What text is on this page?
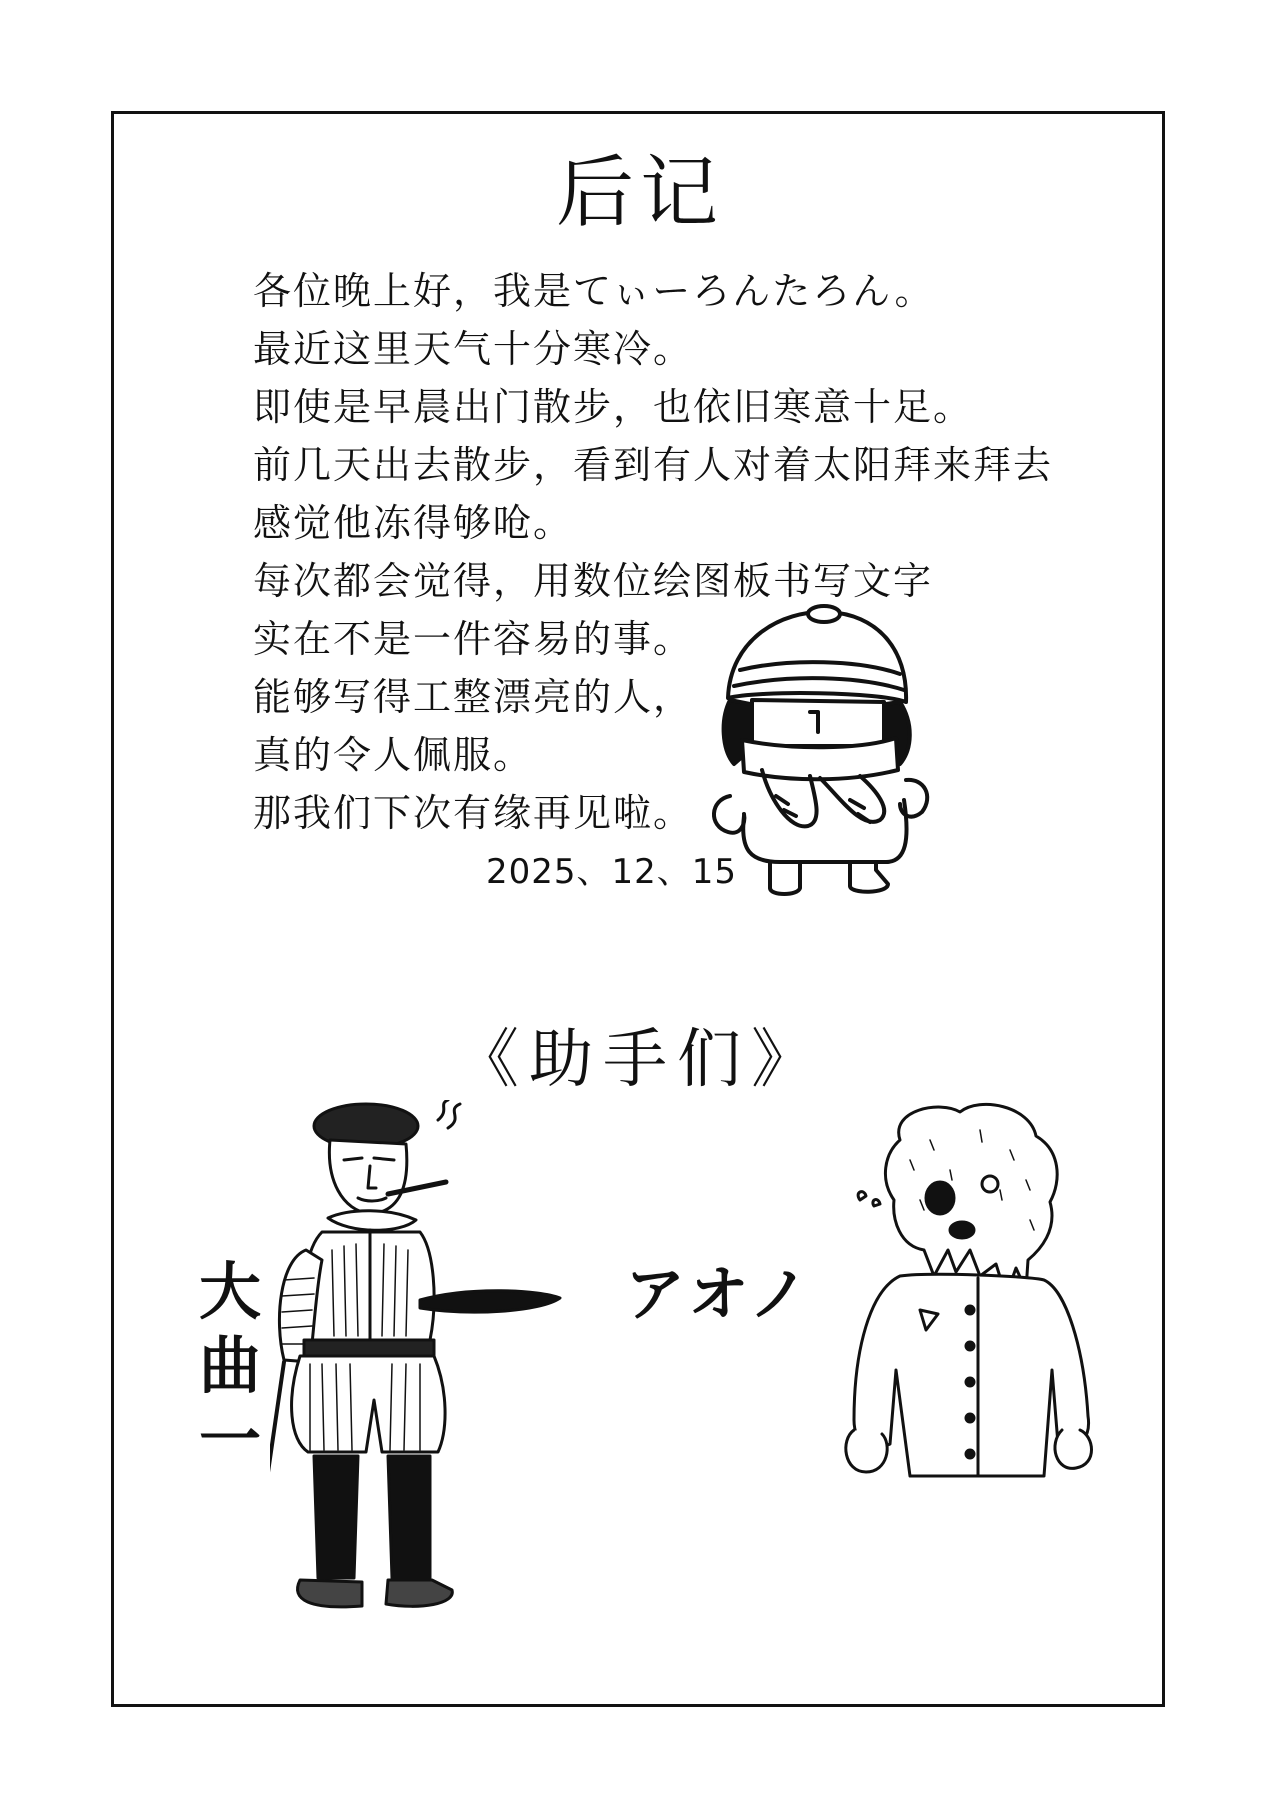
后记
各位晚上好，我是てぃーろんたろん。
最近这里天气十分寒冷。
即使是早晨出门散步，也依旧寒意十足。
前几天出去散步，看到有人对着太阳拜来拜去
感觉他冻得够呛。
每次都会觉得，用数位绘图板书写文字
实在不是一件容易的事。
能够写得工整漂亮的人，
真的令人佩服。
那我们下次有缘再见啦。
2025、12、15
《助手们》
大
曲
一
アオノ
